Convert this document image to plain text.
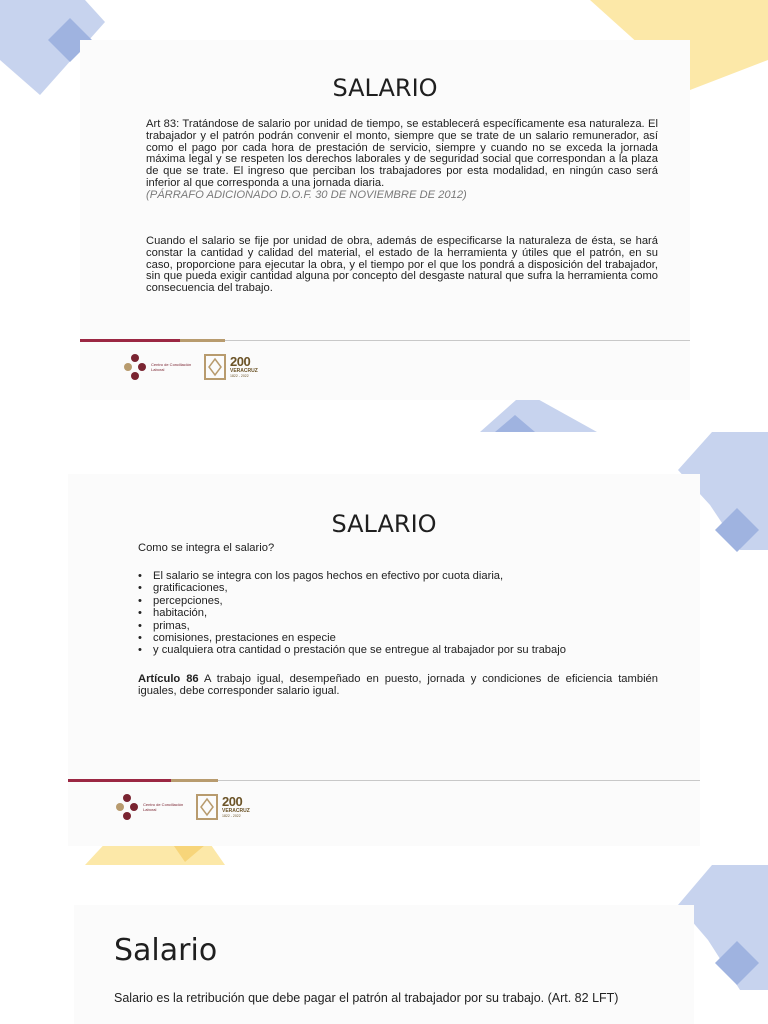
SALARIO

Art 83: Tratándose de salario por unidad de tiempo, se establecerá específicamente esa naturaleza. El trabajador y el patrón podrán convenir el monto, siempre que se trate de un salario remunerador, así como el pago por cada hora de prestación de servicio, siempre y cuando no se exceda la jornada máxima legal y se respeten los derechos laborales y de seguridad social que correspondan a la plaza de que se trate. El ingreso que perciban los trabajadores por esta modalidad, en ningún caso será inferior al que corresponda a una jornada diaria.
(PÁRRAFO ADICIONADO D.O.F. 30 DE NOVIEMBRE DE 2012)

Cuando el salario se fije por unidad de obra, además de especificarse la naturaleza de ésta, se hará constar la cantidad y calidad del material, el estado de la herramienta y útiles que el patrón, en su caso, proporcione para ejecutar la obra, y el tiempo por el que los pondrá a disposición del trabajador, sin que pueda exigir cantidad alguna por concepto del desgaste natural que sufra la herramienta como consecuencia del trabajo.

Centro de Conciliación Laboral
200
VERACRUZ
1822 - 2022
SALARIO
Como se integra el salario?
• El salario se integra con los pagos hechos en efectivo por cuota diaria,
• gratificaciones,
• percepciones,
• habitación,
• primas,
• comisiones, prestaciones en especie
• y cualquiera otra cantidad o prestación que se entregue al trabajador por su trabajo

Artículo 86 A trabajo igual, desempeñado en puesto, jornada y condiciones de eficiencia también iguales, debe corresponder salario igual.

Centro de Conciliación Laboral
200
VERACRUZ
1822 - 2022
Salario
Salario es la retribución que debe pagar el patrón al trabajador por su trabajo. (Art. 82 LFT)
